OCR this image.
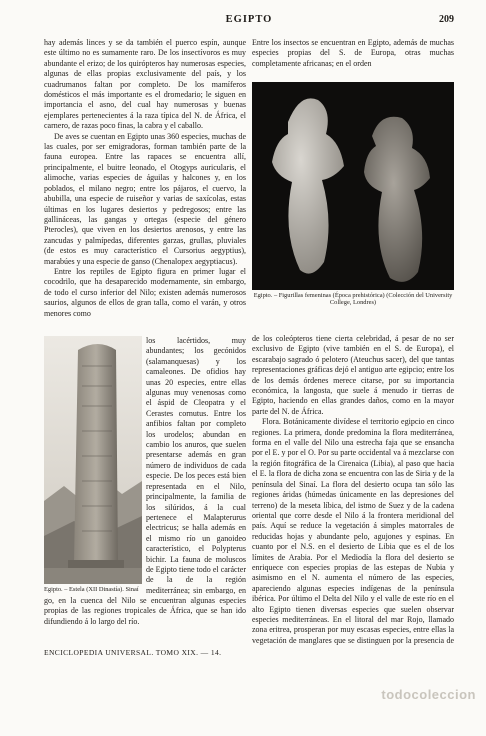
EGIPTO	209

hay además linces y se da también el puerco espín, aunque este último no es sumamente raro. De los insectívoros es muy abundante el erizo; de los quirópteros hay numerosas especies, algunas de ellas propias exclusivamente del país, y los cuadrumanos faltan por completo. De los mamíferos domésticos el más importante es el dromedario; le siguen en importancia el asno, del cual hay numerosas y buenas ejemplares pertenecientes á la raza típica del N. de África, el carnero, de razas poco finas, la cabra y el caballo.

De aves se cuentan en Egipto unas 360 especies, muchas de las cuales, por ser emigradoras, forman también parte de la fauna europea. Entre las rapaces se encuentra allí, principalmente, el buitre leonado, el Otogyps auricularis, el alimoche, varias especies de águilas y halcones y, en los poblados, el milano negro; entre los pájaros, el cuervo, la abubilla, una especie de ruiseñor y varias de saxícolas, estas últimas en los lugares desiertos y pedregosos; entre las gallináceas, las gangas y ortegas (especie del género Pterocles), que viven en los desiertos arenosos, y entre las zancudas y palmípedas, diferentes garzas, grullas, pluviales (de estos es muy característico el Cursorius aegyptius), marabúes y una especie de ganso (Chenalopex aegyptiacus).

Entre los reptiles de Egipto figura en primer lugar el cocodrilo, que ha desaparecido modernamente, sin embargo, de todo el curso inferior del Nilo; existen además numerosos saurios, algunos de ellos de gran talla, como el varán, y otros menores como

Egipto. – Estela (XII Dinastía). Sinaí

los lacértidos, muy abundantes; los gecónidos (salamanquesas) y los camaleones. De ofidios hay unas 20 especies, entre ellas algunas muy venenosas como el áspid de Cleopatra y el Cerastes cornutus. Entre los anfibios faltan por completo los urodelos; abundan en cambio los anuros, que suelen presentarse además en gran número de individuos de cada especie. De los peces está bien representada en el Nilo, principalmente, la familia de los silúridos, á la cual pertenece el Malapterurus electricus; se halla además en el mismo río un ganoideo característico, el Polypterus bichir. La fauna de moluscos de Egipto tiene todo el carácter de la de la región mediterránea; sin embargo, en

go, en la cuenca del Nilo se encuentran algunas especies propias de las regiones tropicales de África, que se han ido difundiendo á lo largo del río.

Entre los insectos se encuentran en Egipto, además de muchas especies propias del S. de Europa, otras muchas completamente africanas; en el orden

Egipto. – Figurillas femeninas (Época prehistórica) (Colección del University College, Londres)

de los coleópteros tiene cierta celebridad, á pesar de no ser exclusivo de Egipto (vive también en el S. de Europa), el escarabajo sagrado ó pelotero (Ateuchus sacer), del que tantas representaciones gráficas dejó el antiguo arte egipcio; entre los de los demás órdenes merece citarse, por su importancia económica, la langosta, que suele á menudo ir tierras de Egipto, haciendo en ellas grandes daños, como en la mayor parte del N. de África.

Flora. Botánicamente divídese el territorio egipcio en cinco regiones. La primera, donde predomina la flora mediterránea, forma en el valle del Nilo una estrecha faja que se ensancha por el E. y por el O. Por su parte occidental va á mezclarse con la región fitográfica de la Cirenaica (Libia), al paso que hacia el E. la flora de dicha zona se encuentra con las de Siria y de la península del Sinaí. La flora del desierto ocupa tan sólo las regiones áridas (húmedas únicamente en las depresiones del terreno) de la meseta líbica, del istmo de Suez y de la cadena oriental que corre desde el Nilo á la frontera meridional del país. Aquí se reduce la vegetación á simples matorrales de reducidas hojas y abundante pelo, agujones y espinas. En cuanto por el N.S. en el desierto de Libia que es el de los límites de Arabia. Por el Mediodía la flora del desierto se enriquece con especies propias de las estepas de Nubia y asimismo en el N. aumenta el número de las especies, apareciendo algunas especies indígenas de la península ibérica. Por último el Delta del Nilo y el valle de este río en el alto Egipto tienen diversas especies que suelen observar especies mediterráneas. En el litoral del mar Rojo, llamado zona eritrea, prosperan por muy escasas especies, entre ellas la vegetación de manglares que se distinguen por la presencia de

ENCICLOPEDIA UNIVERSAL. TOMO XIX. — 14.
todocoleccion
